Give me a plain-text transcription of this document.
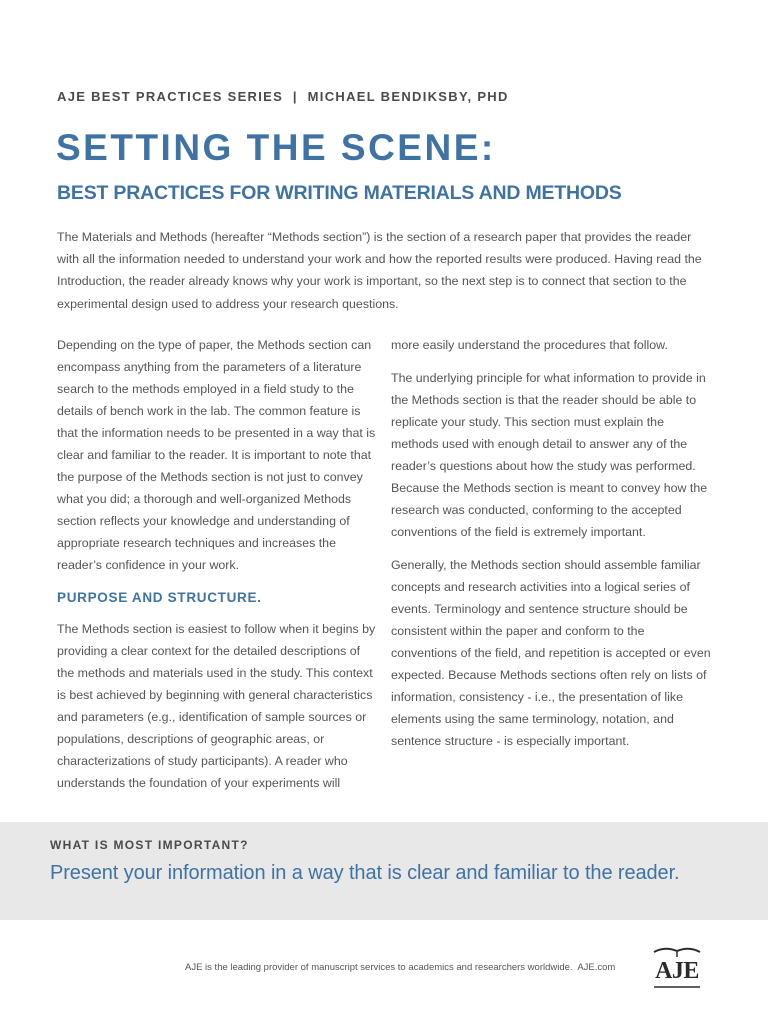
AJE BEST PRACTICES SERIES  |  MICHAEL BENDIKSBY, PHD
SETTING THE SCENE:
BEST PRACTICES FOR WRITING MATERIALS AND METHODS

The Materials and Methods (hereafter “Methods section”) is the section of a research paper that provides the reader with all the information needed to understand your work and how the reported results were produced. Having read the Introduction, the reader already knows why your work is important, so the next step is to connect that section to the experimental design used to address your research questions.

Depending on the type of paper, the Methods section can encompass anything from the parameters of a literature search to the methods employed in a field study to the details of bench work in the lab. The common feature is that the information needs to be presented in a way that is clear and familiar to the reader. It is important to note that the purpose of the Methods section is not just to convey what you did; a thorough and well-organized Methods section reflects your knowledge and understanding of appropriate research techniques and increases the reader’s confidence in your work.

PURPOSE AND STRUCTURE.

The Methods section is easiest to follow when it begins by providing a clear context for the detailed descriptions of the methods and materials used in the study. This context is best achieved by beginning with general characteristics and parameters (e.g., identification of sample sources or populations, descriptions of geographic areas, or characterizations of study participants). A reader who understands the foundation of your experiments will

more easily understand the procedures that follow.

The underlying principle for what information to provide in the Methods section is that the reader should be able to replicate your study. This section must explain the methods used with enough detail to answer any of the reader’s questions about how the study was performed. Because the Methods section is meant to convey how the research was conducted, conforming to the accepted conventions of the field is extremely important.

Generally, the Methods section should assemble familiar concepts and research activities into a logical series of events. Terminology and sentence structure should be consistent within the paper and conform to the conventions of the field, and repetition is accepted or even expected. Because Methods sections often rely on lists of information, consistency - i.e., the presentation of like elements using the same terminology, notation, and sentence structure - is especially important.

WHAT IS MOST IMPORTANT?
Present your information in a way that is clear and familiar to the reader.
AJE is the leading provider of manuscript services to academics and researchers worldwide.  AJE.com AJE
